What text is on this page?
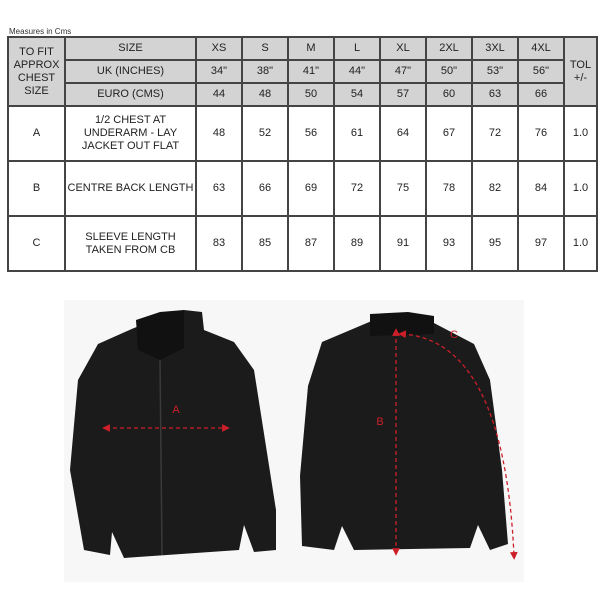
Measures in Cms
TO FIT APPROX CHEST SIZE	SIZE	XS	S	M	L	XL	2XL	3XL	4XL	TOL +/-
	UK (INCHES)	34"	38"	41"	44"	47"	50"	53"	56"	
	EURO (CMS)	44	48	50	54	57	60	63	66	
A	1/2 CHEST AT UNDERARM - LAY JACKET OUT FLAT	48	52	56	61	64	67	72	76	1.0
B	CENTRE BACK LENGTH	63	66	69	72	75	78	82	84	1.0
C	SLEEVE LENGTH TAKEN FROM CB	83	85	87	89	91	93	95	97	1.0
A
B
C
